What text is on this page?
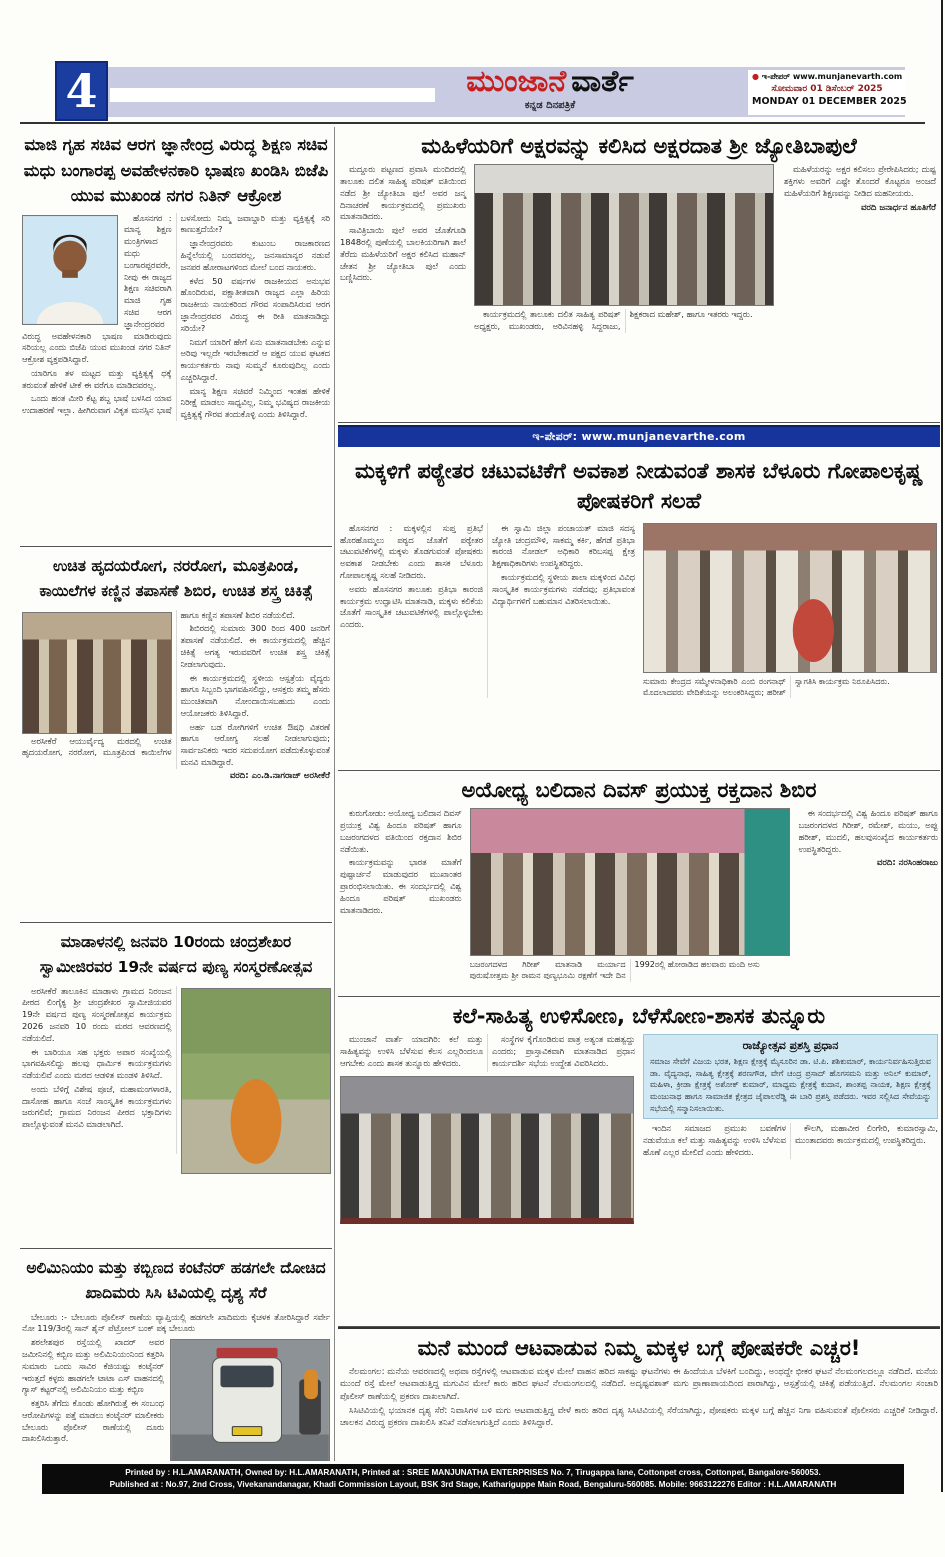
4	ಮುಂಜಾನೆ ವಾರ್ತೆ
ಕನ್ನಡ ದಿನಪತ್ರಿಕೆ
● ಇ-ಪೇಪರ್ www.munjanevarth.com
ಸೋಮವಾರ 01 ಡಿಸೆಂಬರ್ 2025
MONDAY 01 DECEMBER 2025
ಮಾಜಿ ಗೃಹ ಸಚಿವ ಆರಗ ಜ್ಞಾನೇಂದ್ರ ವಿರುದ್ಧ ಶಿಕ್ಷಣ ಸಚಿವ ಮಧು ಬಂಗಾರಪ್ಪ ಅವಹೇಳನಕಾರಿ ಭಾಷಣ ಖಂಡಿಸಿ ಬಿಜೆಪಿ ಯುವ ಮುಖಂಡ ನಗರ ನಿತಿನ್ ಆಕ್ರೋಶ

ಹೊಸನಗರ : ಮಾನ್ಯ ಶಿಕ್ಷಣ ಮಂತ್ರಿಗಳಾದ ಮಧು ಬಂಗಾರಪ್ಪರವರೇ, ನೀವು ಈ ರಾಜ್ಯದ ಶಿಕ್ಷಣ ಸಚಿವರಾಗಿ ಮಾಜಿ ಗೃಹ ಸಚಿವ ಆರಗ ಜ್ಞಾನೇಂದ್ರರವರ ವಿರುದ್ಧ ಅವಹೇಳನಕಾರಿ ಭಾಷಣ ಮಾಡಿರುವುದು ಸರಿಯಲ್ಲ ಎಂದು ಬಿಜೆಪಿ ಯುವ ಮುಖಂಡ ನಗರ ನಿತಿನ್ ಆಕ್ರೋಶ ವ್ಯಕ್ತಪಡಿಸಿದ್ದಾರೆ.

ಯಾರಿಗೂ ತಳ ಮಟ್ಟದ ಮತ್ತು ವ್ಯಕ್ತಿತ್ವಕ್ಕೆ ಧಕ್ಕೆ ತರುವಂತೆ ಹೇಳಿಕೆ ಟೀಕೆ ಈ ವರೆಗೂ ಮಾಡಿದವರಲ್ಲ.

ಒಂದು ಹಂತ ಮೀರಿ ಕೆಟ್ಟ ಶಬ್ದ ಭಾಷೆ ಬಳಸಿದ ಯಾವ ಉದಾಹರಣೆ ಇಲ್ಲಾ. ಹೀಗಿರುವಾಗ ವಿಕೃತ ಮನಸ್ಸಿನ ಭಾಷೆ ಬಳಸೋದು ನಿಮ್ಮ ಜವಾಬ್ದಾರಿ ಮತ್ತು ವ್ಯಕ್ತಿತ್ವಕ್ಕೆ ಸರಿ ಕಾಣುತ್ತದೆಯೇ?

ಜ್ಞಾನೇಂದ್ರರವರು ಕುಟುಂಬ ರಾಜಕಾರಣದ ಹಿನ್ನೆಲೆಯಲ್ಲಿ ಬಂದವರಲ್ಲ, ಜನಸಾಮಾನ್ಯರ ನಡುವೆ ಜನಪರ ಹೋರಾಟಗಳಿಂದ ಮೇಲೆ ಬಂದ ನಾಯಕರು.

ಕಳೆದ 50 ವರ್ಷಗಳ ರಾಜಕೀಯದ ಅನುಭವ ಹೊಂದಿರುವ, ಪಕ್ಷಾತೀತವಾಗಿ ರಾಜ್ಯದ ಎಲ್ಲಾ ಹಿರಿಯ ರಾಜಕೀಯ ನಾಯಕರಿಂದ ಗೌರವ ಸಂಪಾದಿಸಿರುವ ಆರಗ ಜ್ಞಾನೇಂದ್ರರವರ ವಿರುದ್ಧ ಈ ರೀತಿ ಮಾತನಾಡಿದ್ದು ಸರಿಯೇ?

ನಿಮಗೆ ಯಾರಿಗೆ ಹೇಗೆ ಏನು ಮಾತನಾಡಬೇಕು ಎನ್ನುವ ಅರಿವು ಇಲ್ಲದೇ ಇರಬೇಕಾದರೆ ಆ ಪಕ್ಷದ ಯುವ ಘಟಕದ ಕಾರ್ಯಕರ್ತರು ನಾವು ಸುಮ್ಮನೆ ಕೂರುವುದಿಲ್ಲ ಎಂದು ಎಚ್ಚರಿಸಿದ್ದಾರೆ.

ಮಾನ್ಯ ಶಿಕ್ಷಣ ಸಚಿವರೆ ನಿಮ್ಮಿಂದ ಇಂತಹ ಹೇಳಿಕೆ ನಿರೀಕ್ಷೆ ಮಾಡಲು ಸಾಧ್ಯವಿಲ್ಲ, ನಿಮ್ಮ ಭವಿಷ್ಯದ ರಾಜಕೀಯ ವ್ಯಕ್ತಿತ್ವಕ್ಕೆ ಗೌರವ ತಂದುಕೊಳ್ಳಿ ಎಂದು ತಿಳಿಸಿದ್ದಾರೆ.

ಉಚಿತ ಹೃದಯರೋಗ, ನರರೋಗ, ಮೂತ್ರಪಿಂಡ, ಕಾಯಿಲೆಗಳ ಕಣ್ಣಿನ ತಪಾಸಣೆ ಶಿಬಿರ, ಉಚಿತ ಶಸ್ತ್ರ ಚಿಕಿತ್ಸೆ

ಅರಸೀಕೆರೆ ಆಯುರ್ವೈದ್ಯ ಮಠದಲ್ಲಿ ಉಚಿತ ಹೃದಯರೋಗ, ನರರೋಗ, ಮೂತ್ರಪಿಂಡ ಕಾಯಿಲೆಗಳ ಹಾಗೂ ಕಣ್ಣಿನ ತಪಾಸಣೆ ಶಿಬಿರ ನಡೆಯಲಿದೆ.

ಶಿಬಿರದಲ್ಲಿ ಸುಮಾರು 300 ರಿಂದ 400 ಜನರಿಗೆ ತಪಾಸಣೆ ನಡೆಯಲಿದೆ. ಈ ಕಾರ್ಯಕ್ರಮದಲ್ಲಿ ಹೆಚ್ಚಿನ ಚಿಕಿತ್ಸೆ ಅಗತ್ಯ ಇರುವವರಿಗೆ ಉಚಿತ ಶಸ್ತ್ರ ಚಿಕಿತ್ಸೆ ನೀಡಲಾಗುವುದು.

ಈ ಕಾರ್ಯಕ್ರಮದಲ್ಲಿ ಸ್ಥಳೀಯ ಆಸ್ಪತ್ರೆಯ ವೈದ್ಯರು ಹಾಗೂ ಸಿಬ್ಬಂದಿ ಭಾಗವಹಿಸಲಿದ್ದು, ಆಸಕ್ತರು ತಮ್ಮ ಹೆಸರು ಮುಂಚಿತವಾಗಿ ನೋಂದಾಯಿಸಬಹುದು ಎಂದು ಆಯೋಜಕರು ತಿಳಿಸಿದ್ದಾರೆ.

ಅರ್ಹ ಬಡ ರೋಗಿಗಳಿಗೆ ಉಚಿತ ಔಷಧಿ ವಿತರಣೆ ಹಾಗೂ ಆರೋಗ್ಯ ಸಲಹೆ ನೀಡಲಾಗುವುದು; ಸಾರ್ವಜನಿಕರು ಇದರ ಸದುಪಯೋಗ ಪಡೆದುಕೊಳ್ಳುವಂತೆ ಮನವಿ ಮಾಡಿದ್ದಾರೆ.

ವರದಿ: ಎಂ.ಡಿ.ನಾಗರಾಜ್ ಅರಸೀಕೆರೆ
ಮಾಡಾಳನಲ್ಲಿ ಜನವರಿ 10ರಂದು ಚಂದ್ರಶೇಖರ ಸ್ವಾಮೀಜಿರವರ 19ನೇ ವರ್ಷದ ಪುಣ್ಯ ಸಂಸ್ಮರಣೋತ್ಸವ

ಅರಸೀಕೆರೆ ತಾಲೂಕಿನ ಮಾಡಾಳು ಗ್ರಾಮದ ನಿರಂಜನ ಪೀಠದ ಲಿಂಗೈಕ್ಯ ಶ್ರೀ ಚಂದ್ರಶೇಖರ ಸ್ವಾಮೀಜಿಯವರ 19ನೇ ವರ್ಷದ ಪುಣ್ಯ ಸಂಸ್ಮರಣೋತ್ಸವ ಕಾರ್ಯಕ್ರಮ 2026 ಜನವರಿ 10 ರಂದು ಮಠದ ಆವರಣದಲ್ಲಿ ನಡೆಯಲಿದೆ.

ಈ ಬಾರಿಯೂ ಸಹ ಭಕ್ತರು ಅಪಾರ ಸಂಖ್ಯೆಯಲ್ಲಿ ಭಾಗವಹಿಸಲಿದ್ದು ಹಲವು ಧಾರ್ಮಿಕ ಕಾರ್ಯಕ್ರಮಗಳು ನಡೆಯಲಿವೆ ಎಂದು ಮಠದ ಆಡಳಿತ ಮಂಡಳಿ ತಿಳಿಸಿದೆ.

ಅಂದು ಬೆಳಿಗ್ಗೆ ವಿಶೇಷ ಪೂಜೆ, ಮಹಾಮಂಗಳಾರತಿ, ದಾಸೋಹ ಹಾಗೂ ಸಂಜೆ ಸಾಂಸ್ಕೃತಿಕ ಕಾರ್ಯಕ್ರಮಗಳು ಜರುಗಲಿವೆ; ಗ್ರಾಮದ ನಿರಂಜನ ಪೀಠದ ಭಕ್ತಾದಿಗಳು ಪಾಲ್ಗೊಳ್ಳುವಂತೆ ಮನವಿ ಮಾಡಲಾಗಿದೆ.

ಅಲಿಮಿನಿಯಂ ಮತ್ತು ಕಬ್ಬಿಣದ ಕಂಟೆನರ್ ಹಡಗಲೇ ದೋಚಿದ ಖಾದಿಮರು ಸಿಸಿ ಟಿವಿಯಲ್ಲಿ ದೃಶ್ಯ ಸೆರೆ

ಬೇಲೂರು :- ಬೇಲೂರು ಪೊಲೀಸ್ ಠಾಣೆಯ ವ್ಯಾಪ್ತಿಯಲ್ಲಿ ಹಡಗಲೇ ಖಾದಿಮರು ಕೈಚಳಕ ತೋರಿಸಿದ್ದಾರೆ ಸರ್ವೇ ನೋ 119/3ರಲ್ಲಿ ಸಾನ್ ಶೈನ್ ಪೆಟ್ರೋಲ್ ಬಂಕ್ ಪಕ್ಕ ಬೇಲೂರು

ಶಠಲೇಶಪುರ ರಸ್ತೆಯಲ್ಲಿ ಖಾದರ್ ಅವರ ಜಮೀನಿನಲ್ಲಿ ಕಬ್ಬಿಣ ಮತ್ತು ಅಲಿಮಿನಿಯಂನಿಂದ ಕತ್ತರಿಸಿ ಸುಮಾರು ಒಂದು ಸಾವಿರ ಕೆಜಿಯಷ್ಟು ಕಂಟೈನರ್ ಇರುತ್ತದೆ ಕಳ್ಳರು ಹಾಡಗಲೇ ಟಾಟಾ ಎಸ್ ವಾಹನದಲ್ಲಿ ಗ್ಯಾಸ್ ಕಟ್ಟರ್‌ನಲ್ಲಿ ಅಲಿಮಿನಿಯಂ ಮತ್ತು ಕಬ್ಬಿಣ

ಕತ್ತರಿಸಿ ತೆಗೆದು ಕೊಂಡು ಹೋಗಿರುತ್ತೆ ಈ ಸಂಬಂಧ ಆರೋಪಿಗಳನ್ನು ಪತ್ತೆ ಮಾಡಲು ಕಂಟೈನರ್ ಮಾಲೀಕರು ಬೇಲೂರು ಪೊಲೀಸ್ ಠಾಣೆಯಲ್ಲಿ ದೂರು ದಾಖಲಿಸಿರುತ್ತಾರೆ.

ಮಹಿಳೆಯರಿಗೆ ಅಕ್ಷರವನ್ನು ಕಲಿಸಿದ ಅಕ್ಷರದಾತ ಶ್ರೀ ಜ್ಯೋತಿಬಾಪುಲೆ

ಮದ್ದೂರು ಪಟ್ಟಣದ ಪ್ರವಾಸಿ ಮಂದಿರದಲ್ಲಿ ತಾಲೂಕು ದಲಿತ ಸಾಹಿತ್ಯ ಪರಿಷತ್ ವತಿಯಿಂದ ನಡೆದ ಶ್ರೀ ಜ್ಯೋತಿಬಾ ಪುಲೆ ಅವರ ಜನ್ಮ ದಿನಾಚರಣೆ ಕಾರ್ಯಕ್ರಮದಲ್ಲಿ ಪ್ರಮುಖರು ಮಾತನಾಡಿದರು.

ಸಾವಿತ್ರಿಬಾಯಿ ಪುಲೆ ಅವರ ಜೊತೆಗೂಡಿ 1848ರಲ್ಲಿ ಪುಣೆಯಲ್ಲಿ ಬಾಲಕಿಯರಿಗಾಗಿ ಶಾಲೆ ತೆರೆದು ಮಹಿಳೆಯರಿಗೆ ಅಕ್ಷರ ಕಲಿಸಿದ ಮಹಾನ್ ಚೇತನ ಶ್ರೀ ಜ್ಯೋತಿಬಾ ಪುಲೆ ಎಂದು ಬಣ್ಣಿಸಿದರು.

ಕಾರ್ಯಕ್ರಮದಲ್ಲಿ ತಾಲೂಕು ದಲಿತ ಸಾಹಿತ್ಯ ಪರಿಷತ್ ಅಧ್ಯಕ್ಷರು, ಮುಖಂಡರು, ಅರಿವಿನಹಳ್ಳಿ ಸಿದ್ದರಾಜು, ಶಿಕ್ಷಕರಾದ ಮಹೇಶ್, ಹಾಗೂ ಇತರರು ಇದ್ದರು.

ಮಹಿಳೆಯರನ್ನು ಅಕ್ಷರ ಕಲಿಸಲು ಪ್ರೇರೇಪಿಸಿದರು; ದುಷ್ಟ ಶಕ್ತಿಗಳು ಅವರಿಗೆ ಎಷ್ಟೇ ತೊಂದರೆ ಕೊಟ್ಟರೂ ಅಂಜದೆ ಮಹಿಳೆಯರಿಗೆ ಶಿಕ್ಷಣವನ್ನು ನೀಡಿದ ಮಹನೀಯರು.

ವರದಿ ಜನಾರ್ಧನ ಹೂತಿಗೆರೆ
ಇ-ಪೇಪರ್: www.munjanevarthe.com
ಮಕ್ಕಳಿಗೆ ಪಠ್ಯೇತರ ಚಟುವಟಿಕೆಗೆ ಅವಕಾಶ ನೀಡುವಂತೆ ಶಾಸಕ ಬೆಳೂರು ಗೋಪಾಲಕೃಷ್ಣ ಪೋಷಕರಿಗೆ ಸಲಹೆ

ಹೊಸನಗರ : ಮಕ್ಕಳಲ್ಲಿನ ಸುಪ್ತ ಪ್ರತಿಭೆ ಹೊರಹೊಮ್ಮಲು ಪಠ್ಯದ ಜೊತೆಗೆ ಪಠ್ಯೇತರ ಚಟುವಟಿಕೆಗಳಲ್ಲಿ ಮಕ್ಕಳು ತೊಡಗುವಂತೆ ಪೋಷಕರು ಅವಕಾಶ ನೀಡಬೇಕು ಎಂದು ಶಾಸಕ ಬೆಳೂರು ಗೋಪಾಲಕೃಷ್ಣ ಸಲಹೆ ನೀಡಿದರು.

ಅವರು ಹೊಸನಗರ ತಾಲೂಕು ಪ್ರತಿಭಾ ಕಾರಂಜಿ ಕಾರ್ಯಕ್ರಮ ಉದ್ಘಾಟಿಸಿ ಮಾತನಾಡಿ, ಮಕ್ಕಳು ಕಲಿಕೆಯ ಜೊತೆಗೆ ಸಾಂಸ್ಕೃತಿಕ ಚಟುವಟಿಕೆಗಳಲ್ಲಿ ಪಾಲ್ಗೊಳ್ಳಬೇಕು ಎಂದರು.

ಈ ಸ್ವಾಮಿ ಜಿಲ್ಲಾ ಪಂಚಾಯತ್ ಮಾಜಿ ಸದಸ್ಯ ಜ್ಯೋತಿ ಚಂದ್ರಮೌಳಿ, ಸಾಕಮ್ಮ ಕರ್ಕಿ, ಹೆಗಡೆ ಪ್ರತಿಭಾ ಕಾರಂಜಿ ನೋಡಲ್ ಅಧಿಕಾರಿ ಕರಿಬಸಪ್ಪ ಕ್ಷೇತ್ರ ಶಿಕ್ಷಣಾಧಿಕಾರಿಗಳು ಉಪಸ್ಥಿತರಿದ್ದರು.

ಕಾರ್ಯಕ್ರಮದಲ್ಲಿ ಸ್ಥಳೀಯ ಶಾಲಾ ಮಕ್ಕಳಿಂದ ವಿವಿಧ ಸಾಂಸ್ಕೃತಿಕ ಕಾರ್ಯಕ್ರಮಗಳು ನಡೆದವು; ಪ್ರತಿಭಾವಂತ ವಿದ್ಯಾರ್ಥಿಗಳಿಗೆ ಬಹುಮಾನ ವಿತರಿಸಲಾಯಿತು.

ಸುಮಾರು ಕೇಂದ್ರದ ಸಮ್ಮೇಳನಾಧಿಕಾರಿ ಎಂಬಿ ರಂಗನಾಥ್ ಮೊದಲಾದವರು ವೇದಿಕೆಯನ್ನು ಅಲಂಕರಿಸಿದ್ದರು; ಹರೀಶ್ ಸ್ವಾಗತಿಸಿ ಕಾರ್ಯಕ್ರಮ ನಿರೂಪಿಸಿದರು.
ಅಯೋಧ್ಯ ಬಲಿದಾನ ದಿವಸ್ ಪ್ರಯುಕ್ತ ರಕ್ತದಾನ ಶಿಬಿರ

ಕುರುಗೋಡು: ಅಯೋಧ್ಯ ಬಲಿದಾನ ದಿವಸ್ ಪ್ರಯುಕ್ತ ವಿಶ್ವ ಹಿಂದೂ ಪರಿಷತ್ ಹಾಗೂ ಬಜರಂಗದಳದ ವತಿಯಿಂದ ರಕ್ತದಾನ ಶಿಬಿರ ನಡೆಯಿತು.

ಕಾರ್ಯಕ್ರಮವನ್ನು ಭಾರತ ಮಾತೆಗೆ ಪುಷ್ಪಾರ್ಚನೆ ಮಾಡುವುದರ ಮುಖಾಂತರ ಪ್ರಾರಂಭಿಸಲಾಯಿತು. ಈ ಸಂದರ್ಭದಲ್ಲಿ ವಿಶ್ವ ಹಿಂದೂ ಪರಿಷತ್ ಮುಖಂಡರು ಮಾತನಾಡಿದರು.

ಬಜರಂಗದಳದ ಗಿರೀಶ್ ಮಾತನಾಡಿ ಮರ್ಯಾದ ಪುರುಷೋತ್ತಮ ಶ್ರೀ ರಾಮನ ಪುಣ್ಯಭೂಮಿ ರಕ್ಷಣೆಗೆ ಇದೇ ದಿನ 1992ರಲ್ಲಿ ಹೋರಾಡಿದ ಹಲವಾರು ಮಂದಿ ಅಸು

ಈ ಸಂದರ್ಭದಲ್ಲಿ ವಿಶ್ವ ಹಿಂದೂ ಪರಿಷತ್ ಹಾಗೂ ಬಜರಂಗದಳದ ಗಿರೀಶ್, ರಮೇಶ್, ಮಯು, ಅಪ್ಪು ಹರೀಶ್, ಮುದಲಿ, ಹಲವುಸಂಖ್ಯೆದ ಕಾರ್ಯಕರ್ತರು ಉಪಸ್ಥಿತರಿದ್ದರು.

ವರದಿ: ನರಸಿಂಹರಾಜು
ಕಲೆ-ಸಾಹಿತ್ಯ ಉಳಿಸೋಣ, ಬೆಳೆಸೋಣ-ಶಾಸಕ ತುನ್ನೂರು

ಮುಂಜಾನೆ ವಾರ್ತೆ ಯಾದಗಿರಿ: ಕಲೆ ಮತ್ತು ಸಾಹಿತ್ಯವನ್ನು ಉಳಿಸಿ ಬೆಳೆಸುವ ಕೆಲಸ ಎಲ್ಲರಿಂದಲೂ ಆಗಬೇಕು ಎಂದು ಶಾಸಕ ತುನ್ನೂರು ಹೇಳಿದರು.

ಸಂಸ್ಥೆಗಳ ಕೈಗೊಂಡಿರುವ ಪಾತ್ರ ಅತ್ಯಂತ ಮಹತ್ವದ್ದು ಎಂದರು; ಪ್ರಾಸ್ತಾವಿಕವಾಗಿ ಮಾತನಾಡಿದ ಪ್ರಧಾನ ಕಾರ್ಯದರ್ಶಿ ಸಭೆಯ ಉದ್ದೇಶ ವಿವರಿಸಿದರು.

ರಾಜ್ಯೋತ್ಸವ ಪ್ರಶಸ್ತಿ ಪ್ರಧಾನ
ಸಮಾಜ ಸೇವೆಗೆ ವಿಜಯ ಭರತ, ಶಿಕ್ಷಣ ಕ್ಷೇತ್ರಕ್ಕೆ ಮೈಸೂರಿನ ಡಾ. ಟಿ.ಪಿ. ಶಶಿಕುಮಾರ್, ಕಾರ್ಯನಿರ್ವಹಿಸುತ್ತಿರುವ ಡಾ. ವೈದ್ಯನಾಥ, ಸಾಹಿತ್ಯ ಕ್ಷೇತ್ರಕ್ಕೆ ಶರಣಗೌಡ, ವೇಗೆ ಚಂದ್ರ ಪ್ರಸಾದ್ ಹೊಗಸಮನಿ ಮತ್ತು ಅನಿಲ್ ಕುಮಾರ್, ಮಹಿಳಾ, ಕ್ರೀಡಾ ಕ್ಷೇತ್ರಕ್ಕೆ ಅಶೋಕ್ ಕುಮಾರ್, ಮಾಧ್ಯಮ ಕ್ಷೇತ್ರಕ್ಕೆ ಕುದಾನ, ಶಾಂತಪ್ಪ ನಾಯಕ, ಶಿಕ್ಷಣ ಕ್ಷೇತ್ರಕ್ಕೆ ಮಂಜುನಾಥ ಹಾಗೂ ಸಾಮಾಜಿಕ ಕ್ಷೇತ್ರದ ಜೈಪಾಲರೆಡ್ಡಿ ಈ ಬಾರಿ ಪ್ರಶಸ್ತಿ ಪಡೆದರು. ಇವರ ಸಲ್ಲಿಸಿದ ಸೇವೆಯನ್ನು ಸಭೆಯಲ್ಲಿ ಸನ್ಮಾನಿಸಲಾಯಿತು.

ಇಂದಿನ ಸಮಾಜದ ಪ್ರಮುಖ ಬವಣೆಗಳ ನಡುವೆಯೂ ಕಲೆ ಮತ್ತು ಸಾಹಿತ್ಯವನ್ನು ಉಳಿಸಿ ಬೆಳೆಸುವ ಹೊಣೆ ಎಲ್ಲರ ಮೇಲಿದೆ ಎಂದು ಹೇಳಿದರು.

ಕೌಲಗಿ, ಮಹಾವೀರ ಲಿಂಗೇರಿ, ಕುಮಾರಸ್ವಾಮಿ, ಮುಂತಾದವರು ಕಾರ್ಯಕ್ರಮದಲ್ಲಿ ಉಪಸ್ಥಿತರಿದ್ದರು.

ಮನೆ ಮುಂದೆ ಆಟವಾಡುವ ನಿಮ್ಮ ಮಕ್ಕಳ ಬಗ್ಗೆ ಪೋಷಕರೇ ಎಚ್ಚರ!

ನೆಲಮಂಗಲ: ಮನೆಯ ಆವರಣದಲ್ಲಿ ಅಥವಾ ರಸ್ತೆಗಳಲ್ಲಿ ಆಟವಾಡುವ ಮಕ್ಕಳ ಮೇಲೆ ವಾಹನ ಹರಿದ ಸಾಕಷ್ಟು ಘಟನೆಗಳು ಈ ಹಿಂದೆಯೂ ಬೆಳಕಿಗೆ ಬಂದಿದ್ದು, ಅಂಥದ್ದೇ ಭೀಕರ ಘಟನೆ ನೆಲಮಂಗಲದಲ್ಲೂ ನಡೆದಿದೆ. ಮನೆಯ ಮುಂದೆ ರಸ್ತೆ ಮೇಲೆ ಆಟವಾಡುತ್ತಿದ್ದ ಮಗುವಿನ ಮೇಲೆ ಕಾರು ಹರಿದ ಘಟನೆ ನೆಲಮಂಗಲದಲ್ಲಿ ನಡೆದಿದೆ. ಅದೃಷ್ಟವಶಾತ್ ಮಗು ಪ್ರಾಣಾಪಾಯದಿಂದ ಪಾರಾಗಿದ್ದು, ಆಸ್ಪತ್ರೆಯಲ್ಲಿ ಚಿಕಿತ್ಸೆ ಪಡೆಯುತ್ತಿದೆ. ನೆಲಮಂಗಲ ಸಂಚಾರಿ ಪೊಲೀಸ್ ಠಾಣೆಯಲ್ಲಿ ಪ್ರಕರಣ ದಾಖಲಾಗಿದೆ.

ಸಿಸಿಟಿವಿಯಲ್ಲಿ ಭಯಾನಕ ದೃಶ್ಯ ಸೆರೆ: ನಿವಾಸಿಗಳ ಬಳಿ ಮಗು ಆಟವಾಡುತ್ತಿದ್ದ ವೇಳೆ ಕಾರು ಹರಿದ ದೃಶ್ಯ ಸಿಸಿಟಿವಿಯಲ್ಲಿ ಸೆರೆಯಾಗಿದ್ದು, ಪೋಷಕರು ಮಕ್ಕಳ ಬಗ್ಗೆ ಹೆಚ್ಚಿನ ನಿಗಾ ವಹಿಸುವಂತೆ ಪೊಲೀಸರು ಎಚ್ಚರಿಕೆ ನೀಡಿದ್ದಾರೆ. ಚಾಲಕನ ವಿರುದ್ಧ ಪ್ರಕರಣ ದಾಖಲಿಸಿ ತನಿಖೆ ನಡೆಸಲಾಗುತ್ತಿದೆ ಎಂದು ತಿಳಿಸಿದ್ದಾರೆ.

Printed by : H.L.AMARANATH, Owned by: H.L.AMARANATH, Printed at : SREE MANJUNATHA ENTERPRISES No. 7, Tirugappa lane, Cottonpet cross, Cottonpet, Bangalore-560053.
Published at : No.97, 2nd Cross, Vivekanandanagar, Khadi Commission Layout, BSK 3rd Stage, Kathariguppe Main Road, Bengaluru-560085. Mobile: 9663122276 Editor : H.L.AMARANATH
